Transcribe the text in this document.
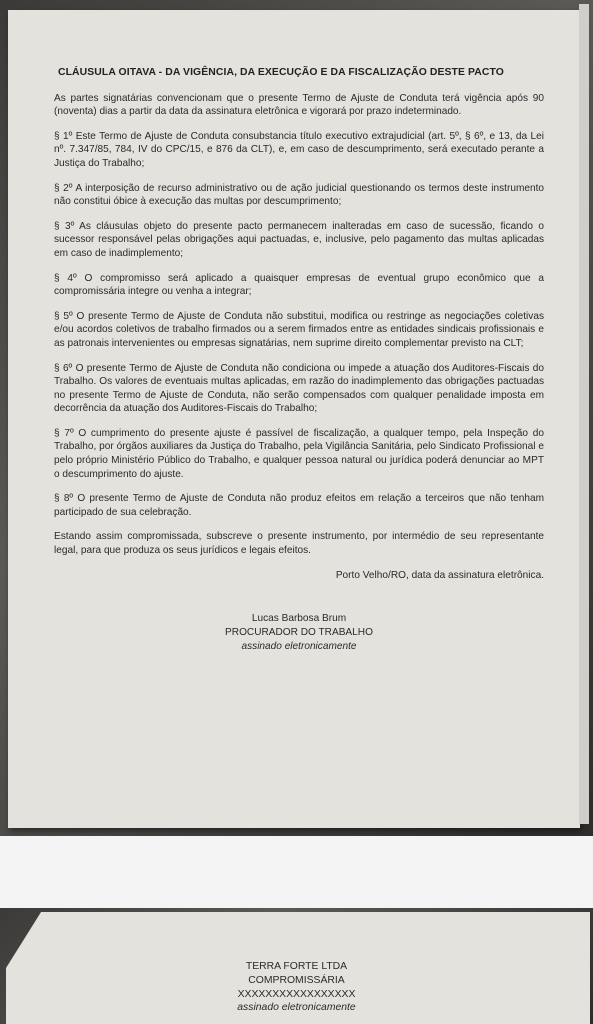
CLÁUSULA OITAVA - DA VIGÊNCIA, DA EXECUÇÃO E DA FISCALIZAÇÃO DESTE PACTO

As partes signatárias convencionam que o presente Termo de Ajuste de Conduta terá vigência após 90 (noventa) dias a partir da data da assinatura eletrônica e vigorará por prazo indeterminado.

§ 1º Este Termo de Ajuste de Conduta consubstancia título executivo extrajudicial (art. 5º, § 6º, e 13, da Lei nº. 7.347/85, 784, IV do CPC/15, e 876 da CLT), e, em caso de descumprimento, será executado perante a Justiça do Trabalho;

§ 2º A interposição de recurso administrativo ou de ação judicial questionando os termos deste instrumento não constitui óbice à execução das multas por descumprimento;

§ 3º As cláusulas objeto do presente pacto permanecem inalteradas em caso de sucessão, ficando o sucessor responsável pelas obrigações aqui pactuadas, e, inclusive, pelo pagamento das multas aplicadas em caso de inadimplemento;

§ 4º O compromisso será aplicado a quaisquer empresas de eventual grupo econômico que a compromissária integre ou venha a integrar;

§ 5º O presente Termo de Ajuste de Conduta não substitui, modifica ou restringe as negociações coletivas e/ou acordos coletivos de trabalho firmados ou a serem firmados entre as entidades sindicais profissionais e as patronais intervenientes ou empresas signatárias, nem suprime direito complementar previsto na CLT;

§ 6º O presente Termo de Ajuste de Conduta não condiciona ou impede a atuação dos Auditores-Fiscais do Trabalho. Os valores de eventuais multas aplicadas, em razão do inadimplemento das obrigações pactuadas no presente Termo de Ajuste de Conduta, não serão compensados com qualquer penalidade imposta em decorrência da atuação dos Auditores-Fiscais do Trabalho;

§ 7º O cumprimento do presente ajuste é passível de fiscalização, a qualquer tempo, pela Inspeção do Trabalho, por órgãos auxiliares da Justiça do Trabalho, pela Vigilância Sanitária, pelo Sindicato Profissional e pelo próprio Ministério Público do Trabalho, e qualquer pessoa natural ou jurídica poderá denunciar ao MPT o descumprimento do ajuste.

§ 8º O presente Termo de Ajuste de Conduta não produz efeitos em relação a terceiros que não tenham participado de sua celebração.

Estando assim compromissada, subscreve o presente instrumento, por intermédio de seu representante legal, para que produza os seus jurídicos e legais efeitos.

Porto Velho/RO, data da assinatura eletrônica.

Lucas Barbosa Brum
PROCURADOR DO TRABALHO
assinado eletronicamente
TERRA FORTE LTDA
COMPROMISSÁRIA
XXXXXXXXXXXXXXXXX
assinado eletronicamente
